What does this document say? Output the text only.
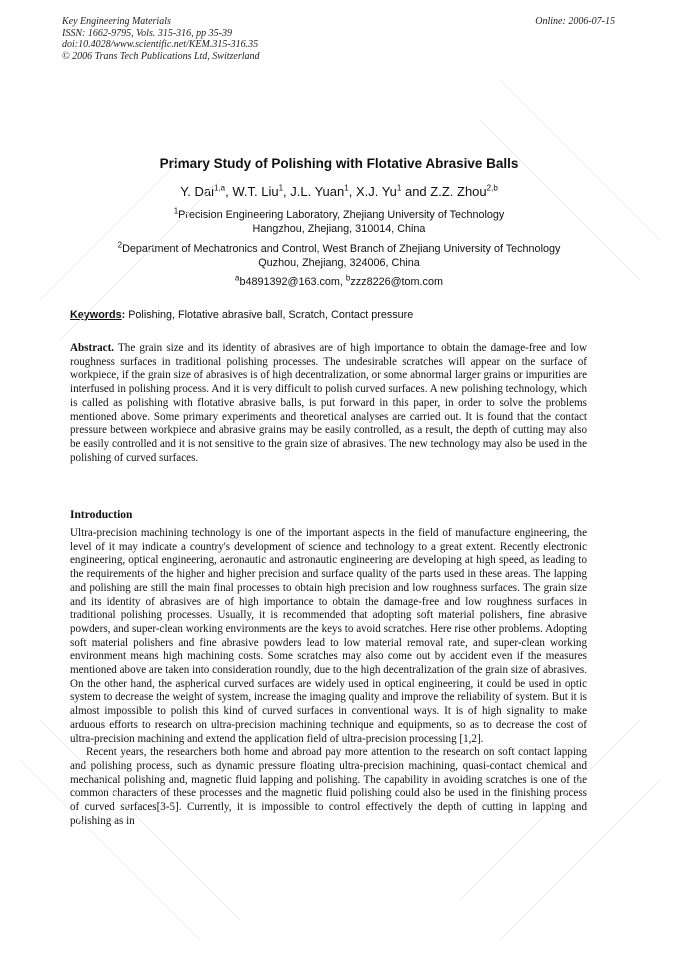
Key Engineering Materials
ISSN: 1662-9795, Vols. 315-316, pp 35-39
doi:10.4028/www.scientific.net/KEM.315-316.35
© 2006 Trans Tech Publications Ltd, Switzerland
Online: 2006-07-15
Primary Study of Polishing with Flotative Abrasive Balls
Y. Dai$^{1,a}$, W.T. Liu$^1$, J.L. Yuan$^1$, X.J. Yu$^1$ and Z.Z. Zhou$^{2,b}$
$^1$Precision Engineering Laboratory, Zhejiang University of Technology
Hangzhou, Zhejiang, 310014, China
$^2$Department of Mechatronics and Control, West Branch of Zhejiang University of Technology
Quzhou, Zhejiang, 324006, China
$^a$b4891392@163.com, $^b$zzz8226@tom.com
Keywords: Polishing, Flotative abrasive ball, Scratch, Contact pressure

Abstract. The grain size and its identity of abrasives are of high importance to obtain the damage-free and low roughness surfaces in traditional polishing processes. The undesirable scratches will appear on the surface of workpiece, if the grain size of abrasives is of high decentralization, or some abnormal larger grains or impurities are interfused in polishing process. And it is very difficult to polish curved surfaces. A new polishing technology, which is called as polishing with flotative abrasive balls, is put forward in this paper, in order to solve the problems mentioned above. Some primary experiments and theoretical analyses are carried out. It is found that the contact pressure between workpiece and abrasive grains may be easily controlled, as a result, the depth of cutting may also be easily controlled and it is not sensitive to the grain size of abrasives. The new technology may also be used in the polishing of curved surfaces.

Introduction

Ultra-precision machining technology is one of the important aspects in the field of manufacture engineering, the level of it may indicate a country's development of science and technology to a great extent. Recently electronic engineering, optical engineering, aeronautic and astronautic engineering are developing at high speed, as leading to the requirements of the higher and higher precision and surface quality of the parts used in these areas. The lapping and polishing are still the main final processes to obtain high precision and low roughness surfaces. The grain size and its identity of abrasives are of high importance to obtain the damage-free and low roughness surfaces in traditional polishing processes. Usually, it is recommended that adopting soft material polishers, fine abrasive powders, and super-clean working environments are the keys to avoid scratches. Here rise other problems. Adopting soft material polishers and fine abrasive powders lead to low material removal rate, and super-clean working environment means high machining costs. Some scratches may also come out by accident even if the measures mentioned above are taken into consideration roundly, due to the high decentralization of the grain size of abrasives. On the other hand, the aspherical curved surfaces are widely used in optical engineering, it could be used in optic system to decrease the weight of system, increase the imaging quality and improve the reliability of system. But it is almost impossible to polish this kind of curved surfaces in conventional ways. It is of high signality to make arduous efforts to research on ultra-precision machining technique and equipments, so as to decrease the cost of ultra-precision machining and extend the application field of ultra-precision processing [1,2].

Recent years, the researchers both home and abroad pay more attention to the research on soft contact lapping and polishing process, such as dynamic pressure floating ultra-precision machining, quasi-contact chemical and mechanical polishing and, magnetic fluid lapping and polishing. The capability in avoiding scratches is one of the common characters of these processes and the magnetic fluid polishing could also be used in the finishing process of curved surfaces[3-5]. Currently, it is impossible to control effectively the depth of cutting in lapping and polishing as in
